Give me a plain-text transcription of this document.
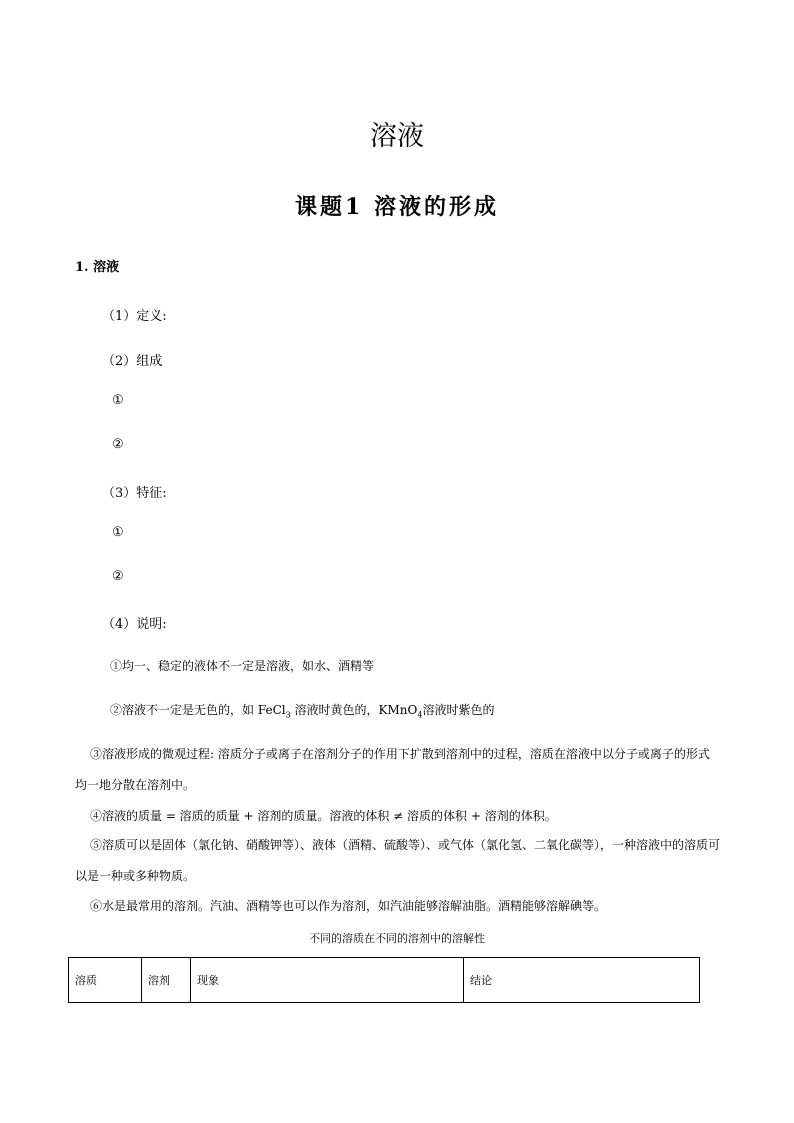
溶液
课题1 溶液的形成
1. 溶液
（1）定义:
（2）组成
①
②
（3）特征:
①
②
（4）说明:
①均一、稳定的液体不一定是溶液，如水、酒精等
②溶液不一定是无色的，如 FeCl$_3$ 溶液时黄色的，KMnO$_4$溶液时紫色的
③溶液形成的微观过程: 溶质分子或离子在溶剂分子的作用下扩散到溶剂中的过程，溶质在溶液中以分子或离子的形式均一地分散在溶剂中。
④溶液的质量 = 溶质的质量 + 溶剂的质量。溶液的体积 ≠ 溶质的体积 + 溶剂的体积。
⑤溶质可以是固体（氯化钠、硝酸钾等）、液体（酒精、硫酸等）、或气体（氯化氢、二氧化碳等），一种溶液中的溶质可以是一种或多种物质。
⑥水是最常用的溶剂。汽油、酒精等也可以作为溶剂，如汽油能够溶解油脂。酒精能够溶解碘等。
不同的溶质在不同的溶剂中的溶解性
溶质	溶剂	现象	结论
